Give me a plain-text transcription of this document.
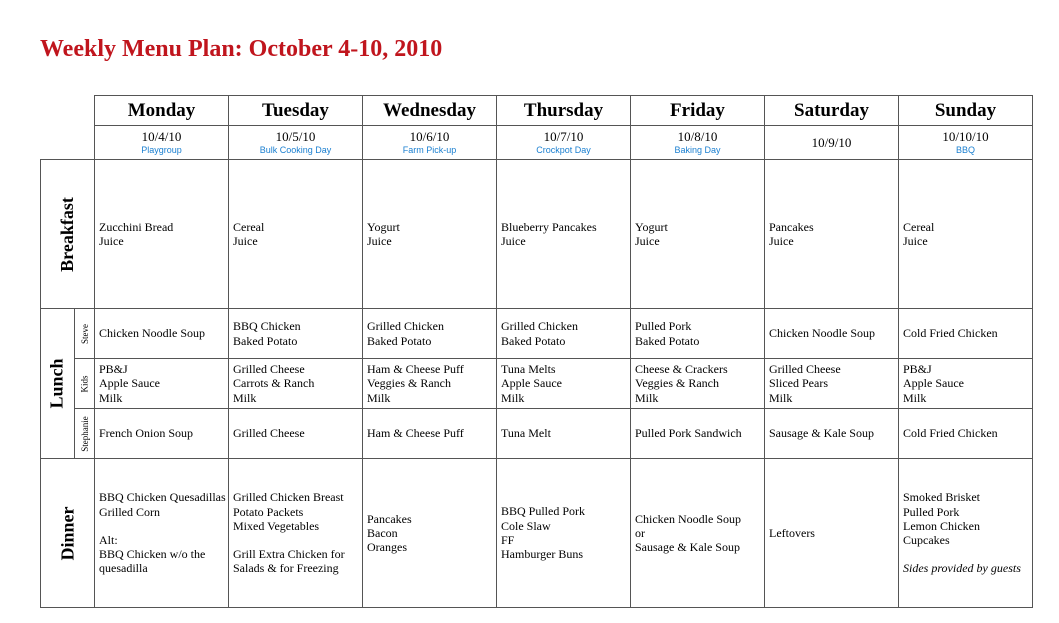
Weekly Menu Plan: October 4-10, 2010
Breakfast
Lunch
Steve
Kids
Stephanie
Dinner
Monday
10/4/10
Playgroup
Zucchini Bread
Juice
Chicken Noodle Soup
PB&J
Apple Sauce
Milk
French Onion Soup
BBQ Chicken Quesadillas
Grilled Corn
Alt:
BBQ Chicken w/o the
quesadilla
Tuesday
10/5/10
Bulk Cooking Day
Cereal
Juice
BBQ Chicken
Baked Potato
Grilled Cheese
Carrots & Ranch
Milk
Grilled Cheese
Grilled Chicken Breast
Potato Packets
Mixed Vegetables
Grill Extra Chicken for
Salads & for Freezing
Wednesday
10/6/10
Farm Pick-up
Yogurt
Juice
Grilled Chicken
Baked Potato
Ham & Cheese Puff
Veggies & Ranch
Milk
Ham & Cheese Puff
Pancakes
Bacon
Oranges
Thursday
10/7/10
Crockpot Day
Blueberry Pancakes
Juice
Grilled Chicken
Baked Potato
Tuna Melts
Apple Sauce
Milk
Tuna Melt
BBQ Pulled Pork
Cole Slaw
FF
Hamburger Buns
Friday
10/8/10
Baking Day
Yogurt
Juice
Pulled Pork
Baked Potato
Cheese & Crackers
Veggies & Ranch
Milk
Pulled Pork Sandwich
Chicken Noodle Soup
or
Sausage & Kale Soup
Saturday
10/9/10
Pancakes
Juice
Chicken Noodle Soup
Grilled Cheese
Sliced Pears
Milk
Sausage & Kale Soup
Leftovers
Sunday
10/10/10
BBQ
Cereal
Juice
Cold Fried Chicken
PB&J
Apple Sauce
Milk
Cold Fried Chicken
Smoked Brisket
Pulled Pork
Lemon Chicken
Cupcakes
Sides provided by guests
